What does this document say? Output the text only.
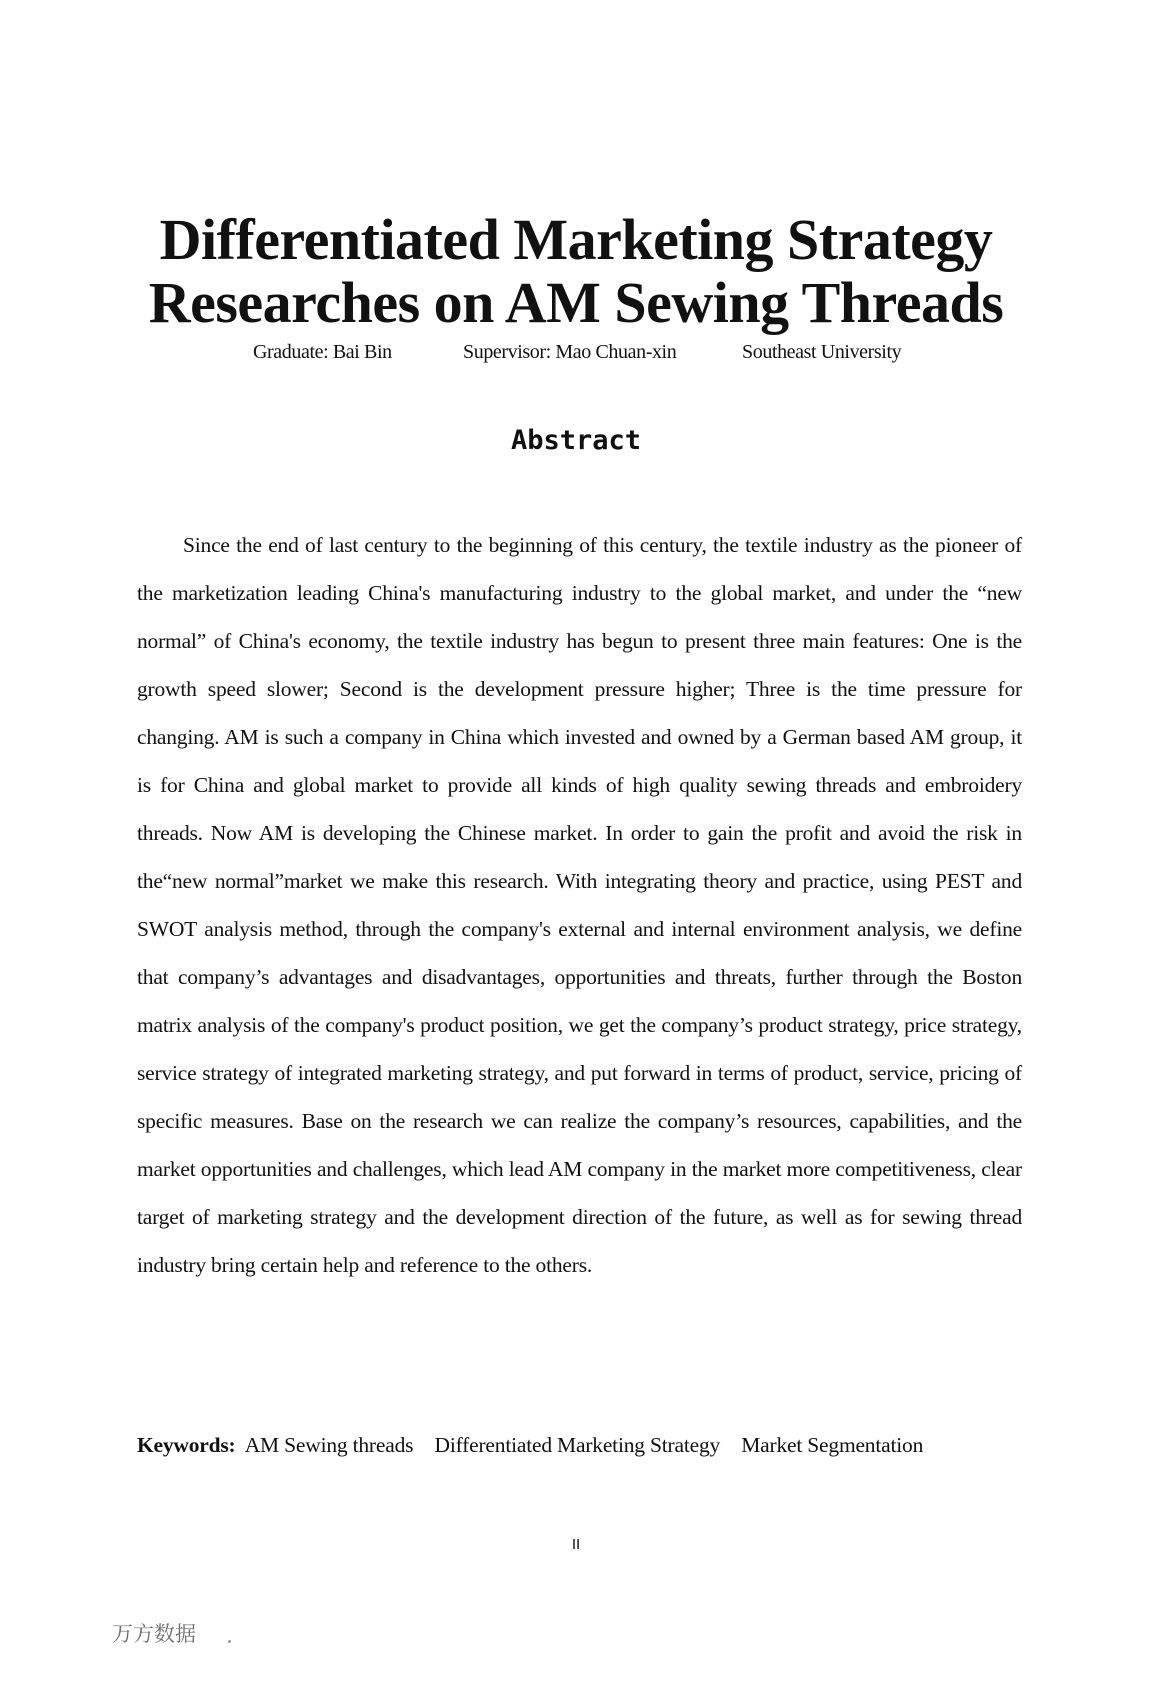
Differentiated Marketing Strategy
Researches on AM Sewing Threads
Graduate: Bai Bin	Supervisor: Mao Chuan-xin	Southeast University
Abstract

Since the end of last century to the beginning of this century, the textile industry as the pioneer of the marketization leading China's manufacturing industry to the global market, and under the “new normal” of China's economy, the textile industry has begun to present three main features: One is the growth speed slower; Second is the development pressure higher; Three is the time pressure for changing. AM is such a company in China which invested and owned by a German based AM group, it is for China and global market to provide all kinds of high quality sewing threads and embroidery threads. Now AM is developing the Chinese market. In order to gain the profit and avoid the risk in the“new normal”market we make this research. With integrating theory and practice, using PEST and SWOT analysis method, through the company's external and internal environment analysis, we define that company’s advantages and disadvantages, opportunities and threats, further through the Boston matrix analysis of the company's product position, we get the company’s product strategy, price strategy, service strategy of integrated marketing strategy, and put forward in terms of product, service, pricing of specific measures. Base on the research we can realize the company’s resources, capabilities, and the market opportunities and challenges, which lead AM company in the market more competitiveness, clear target of marketing strategy and the development direction of the future, as well as for sewing thread industry bring certain help and reference to the others.

Keywords: AM Sewing threads Differentiated Marketing Strategy Market Segmentation
II
万方数据
